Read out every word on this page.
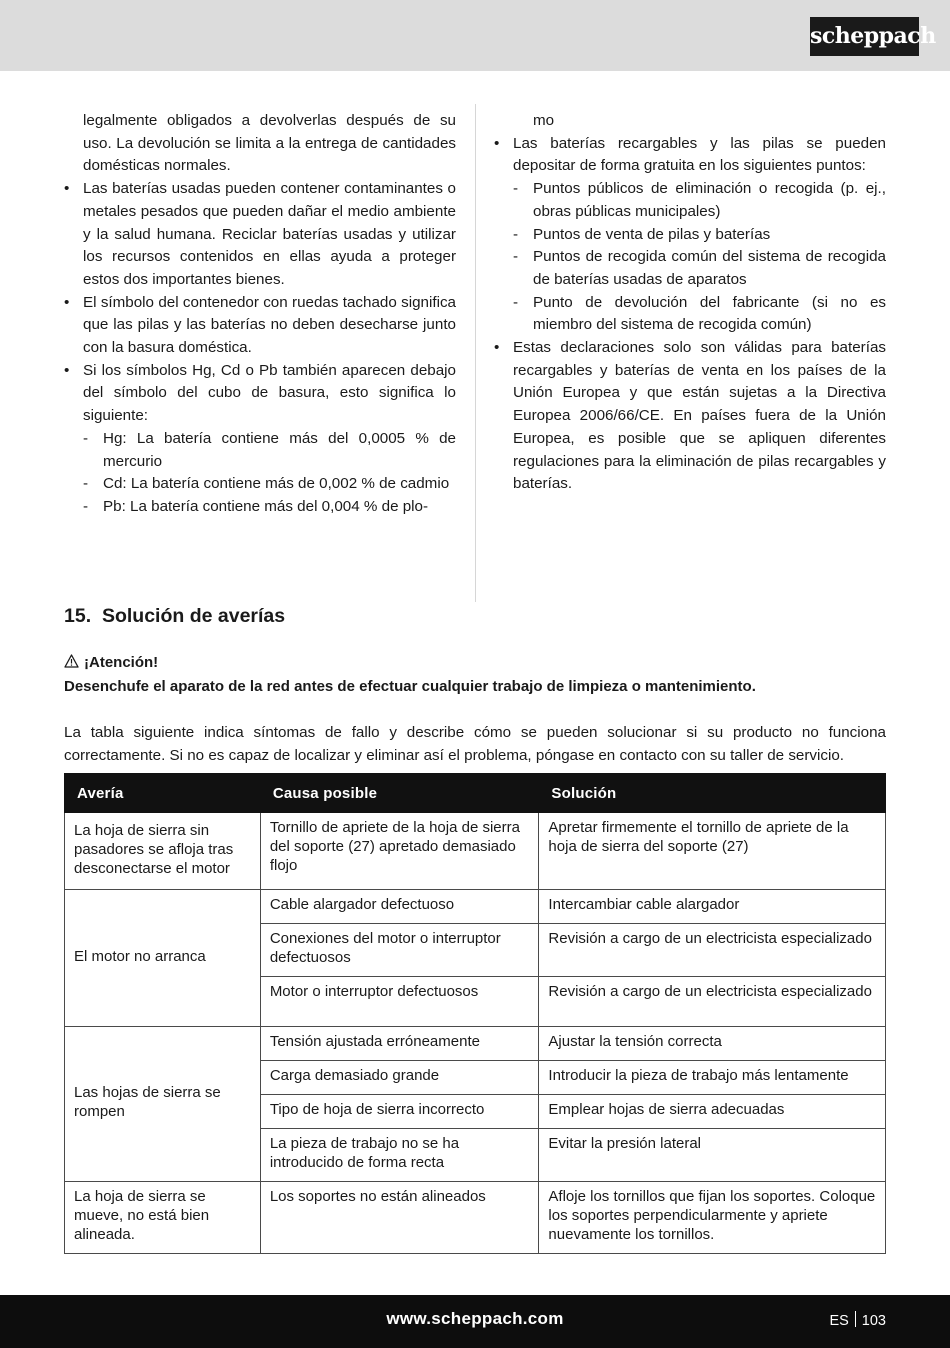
scheppach

legalmente obligados a devolverlas después de su uso. La devolución se limita a la entrega de cantidades domésticas normales.

• Las baterías usadas pueden contener contaminantes o metales pesados que pueden dañar el medio ambiente y la salud humana. Reciclar baterías usadas y utilizar los recursos contenidos en ellas ayuda a proteger estos dos importantes bienes.
• El símbolo del contenedor con ruedas tachado significa que las pilas y las baterías no deben desecharse junto con la basura doméstica.
• Si los símbolos Hg, Cd o Pb también aparecen debajo del símbolo del cubo de basura, esto significa lo siguiente:
- Hg: La batería contiene más del 0,0005 % de mercurio
- Cd: La batería contiene más de 0,002 % de cadmio
- Pb: La batería contiene más del 0,004 % de plo-
mo
• Las baterías recargables y las pilas se pueden depositar de forma gratuita en los siguientes puntos:
- Puntos públicos de eliminación o recogida (p. ej., obras públicas municipales)
- Puntos de venta de pilas y baterías
- Puntos de recogida común del sistema de recogida de baterías usadas de aparatos
- Punto de devolución del fabricante (si no es miembro del sistema de recogida común)
• Estas declaraciones solo son válidas para baterías recargables y baterías de venta en los países de la Unión Europea y que están sujetas a la Directiva Europea 2006/66/CE. En países fuera de la Unión Europea, es posible que se apliquen diferentes regulaciones para la eliminación de pilas recargables y baterías.
15. Solución de averías
¡Atención!
Desenchufe el aparato de la red antes de efectuar cualquier trabajo de limpieza o mantenimiento.

La tabla siguiente indica síntomas de fallo y describe cómo se pueden solucionar si su producto no funciona correctamente. Si no es capaz de localizar y eliminar así el problema, póngase en contacto con su taller de servicio.

Avería	Causa posible	Solución
La hoja de sierra sin pasadores se afloja tras desconectarse el motor	Tornillo de apriete de la hoja de sierra del soporte (27) apretado demasiado flojo	Apretar firmemente el tornillo de apriete de la hoja de sierra del soporte (27)
El motor no arranca	Cable alargador defectuoso	Intercambiar cable alargador
	Conexiones del motor o interruptor defectuosos	Revisión a cargo de un electricista especializado
	Motor o interruptor defectuosos	Revisión a cargo de un electricista especializado
Las hojas de sierra se rompen	Tensión ajustada erróneamente	Ajustar la tensión correcta
	Carga demasiado grande	Introducir la pieza de trabajo más lentamente
	Tipo de hoja de sierra incorrecto	Emplear hojas de sierra adecuadas
	La pieza de trabajo no se ha introducido de forma recta	Evitar la presión lateral
La hoja de sierra se mueve, no está bien alineada.	Los soportes no están alineados	Afloje los tornillos que fijan los soportes. Coloque los soportes perpendicularmente y apriete nuevamente los tornillos.
www.scheppach.com	ES 103
